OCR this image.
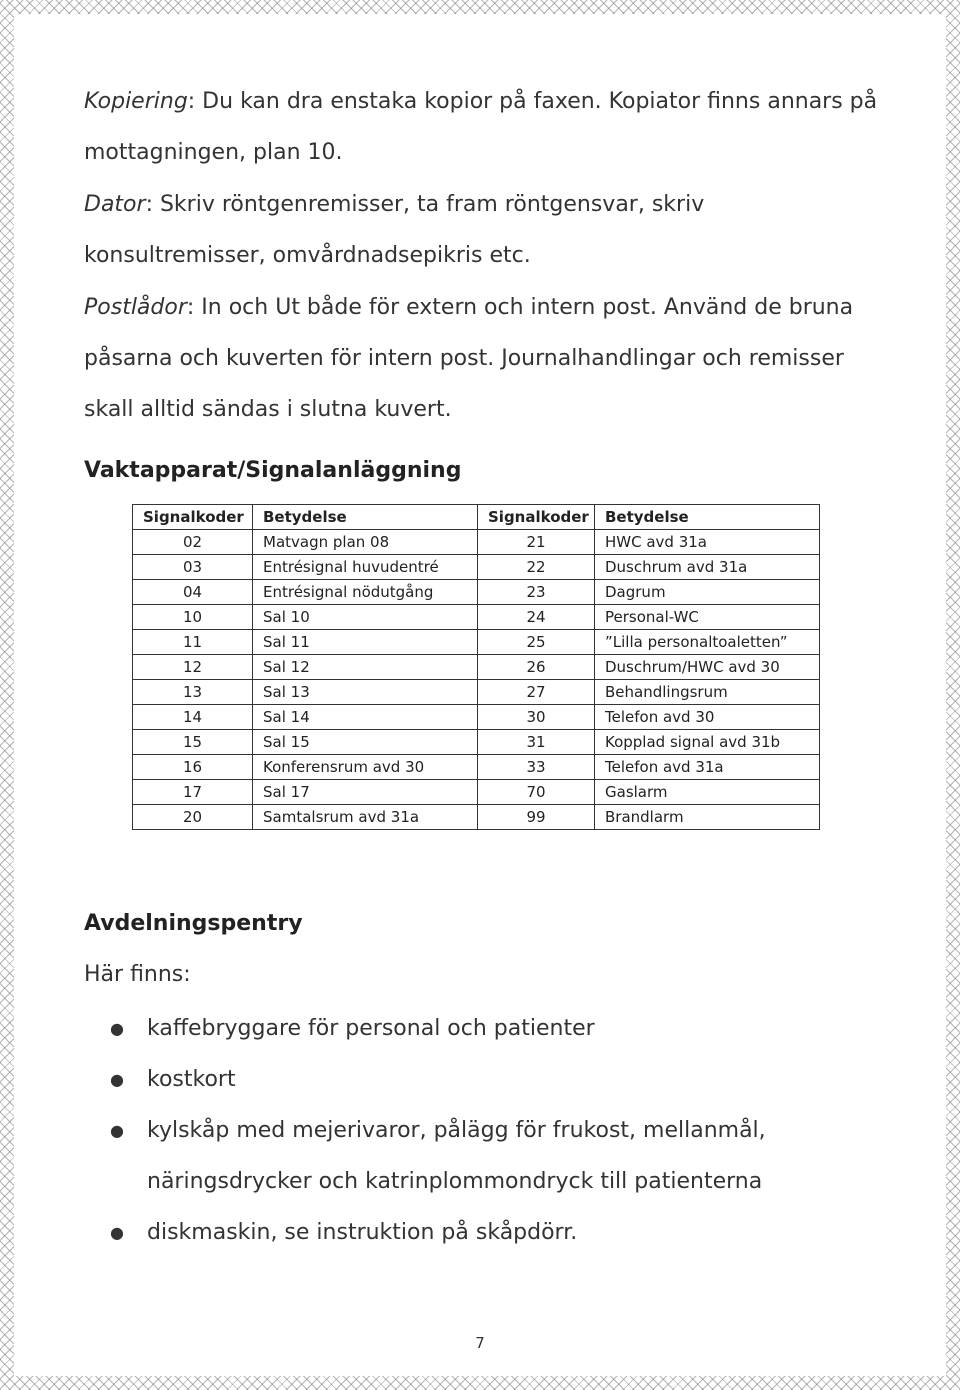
Kopiering: Du kan dra enstaka kopior på faxen. Kopiator finns annars på mottagningen, plan 10.

Dator: Skriv röntgenremisser, ta fram röntgensvar, skriv konsultremisser, omvårdnadsepikris etc.

Postlådor: In och Ut både för extern och intern post. Använd de bruna påsarna och kuverten för intern post. Journalhandlingar och remisser skall alltid sändas i slutna kuvert.

Vaktapparat/Signalanläggning
Signalkoder	Betydelse	Signalkoder	Betydelse
02	Matvagn plan 08	21	HWC avd 31a
03	Entrésignal huvudentré	22	Duschrum avd 31a
04	Entrésignal nödutgång	23	Dagrum
10	Sal 10	24	Personal-WC
11	Sal 11	25	”Lilla personaltoaletten”
12	Sal 12	26	Duschrum/HWC avd 30
13	Sal 13	27	Behandlingsrum
14	Sal 14	30	Telefon avd 30
15	Sal 15	31	Kopplad signal avd 31b
16	Konferensrum avd 30	33	Telefon avd 31a
17	Sal 17	70	Gaslarm
20	Samtalsrum avd 31a	99	Brandlarm
Avdelningspentry

Här finns:

● kaffebryggare för personal och patienter
● kostkort
● kylskåp med mejerivaror, pålägg för frukost, mellanmål, näringsdrycker och katrinplommondryck till patienterna
● diskmaskin, se instruktion på skåpdörr.
7
